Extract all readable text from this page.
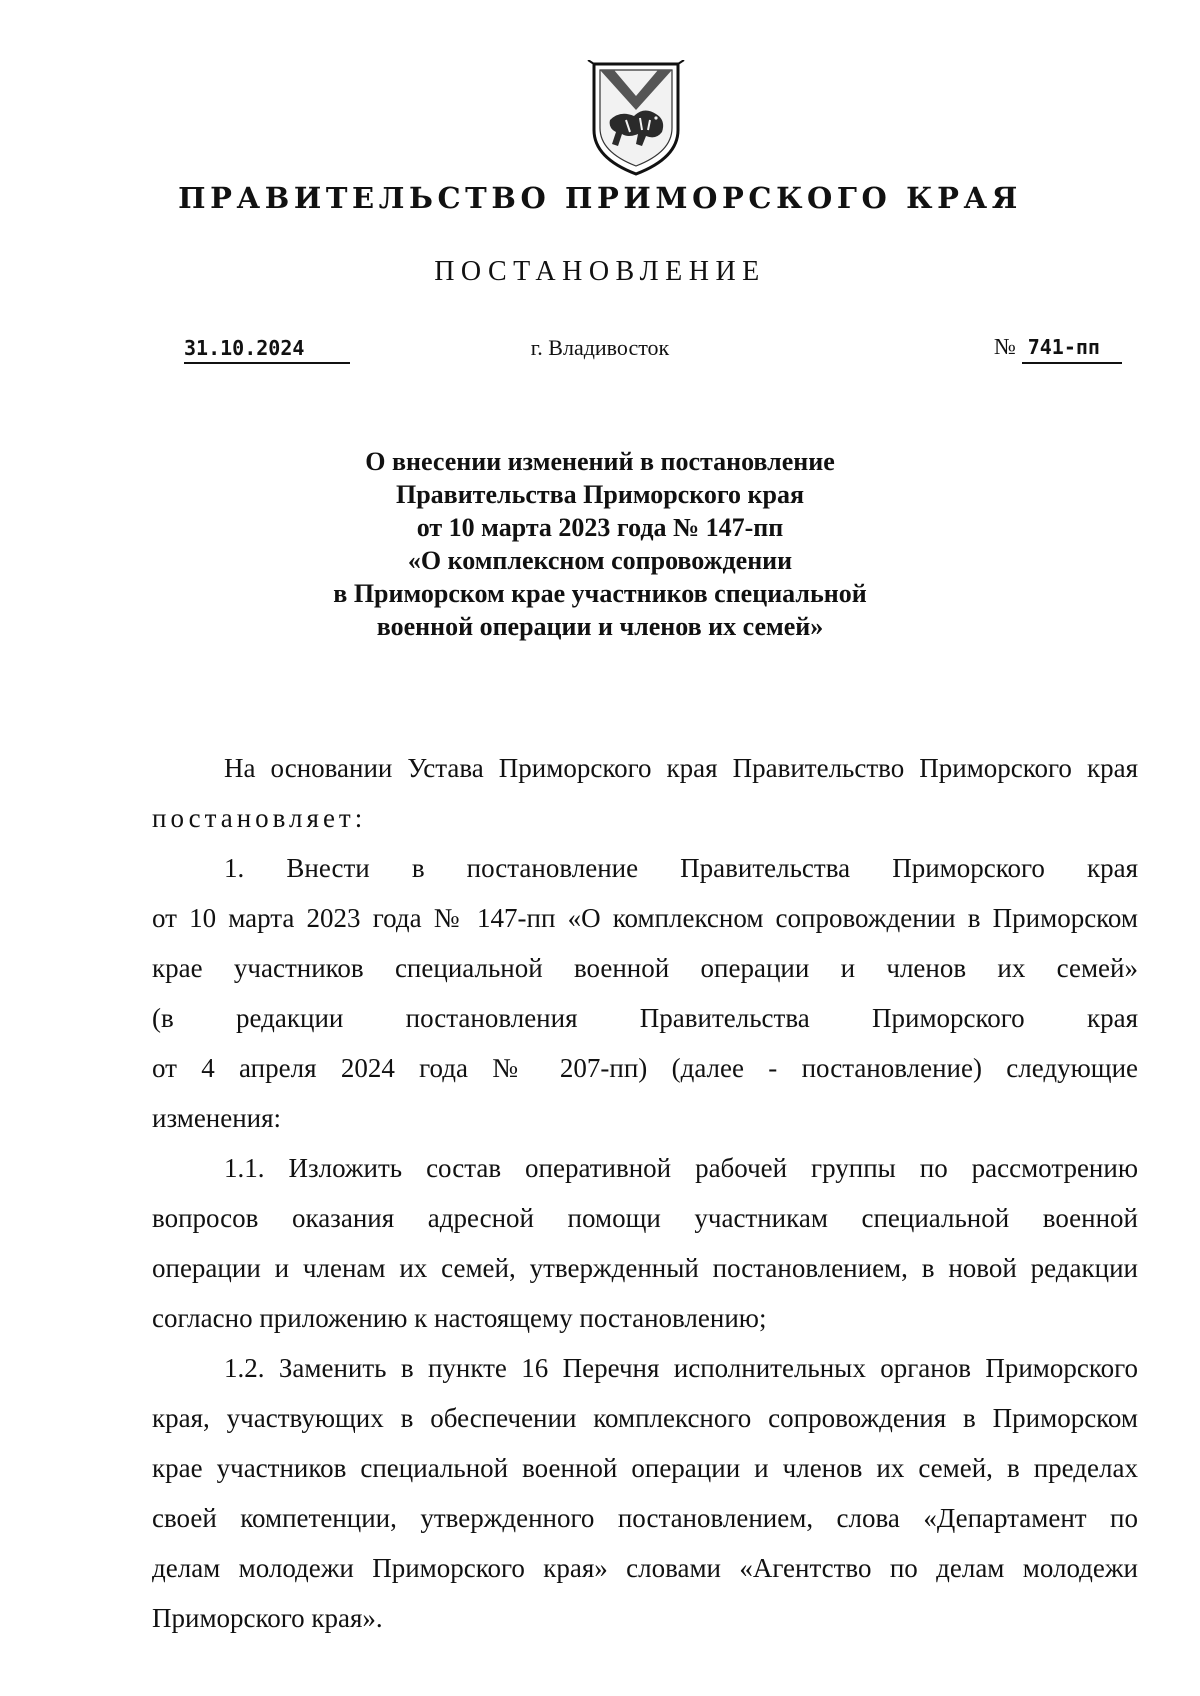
ПРАВИТЕЛЬСТВО ПРИМОРСКОГО КРАЯ
ПОСТАНОВЛЕНИЕ
31.10.2024	г. Владивосток	№ 741-пп
О внесении изменений в постановление
Правительства Приморского края
от 10 марта 2023 года № 147-пп
«О комплексном сопровождении
в Приморском крае участников специальной
военной операции и членов их семей»
На основании Устава Приморского края Правительство Приморского края
постановляет:
1. Внести в постановление Правительства Приморского края
от 10 марта 2023 года № 147-пп «О комплексном сопровождении в Приморском
крае участников специальной военной операции и членов их семей»
(в редакции постановления Правительства Приморского края
от 4 апреля 2024 года № 207-пп) (далее - постановление) следующие
изменения:
1.1. Изложить состав оперативной рабочей группы по рассмотрению
вопросов оказания адресной помощи участникам специальной военной
операции и членам их семей, утвержденный постановлением, в новой редакции
согласно приложению к настоящему постановлению;
1.2. Заменить в пункте 16 Перечня исполнительных органов Приморского
края, участвующих в обеспечении комплексного сопровождения в Приморском
крае участников специальной военной операции и членов их семей, в пределах
своей компетенции, утвержденного постановлением, слова «Департамент по
делам молодежи Приморского края» словами «Агентство по делам молодежи
Приморского края».
